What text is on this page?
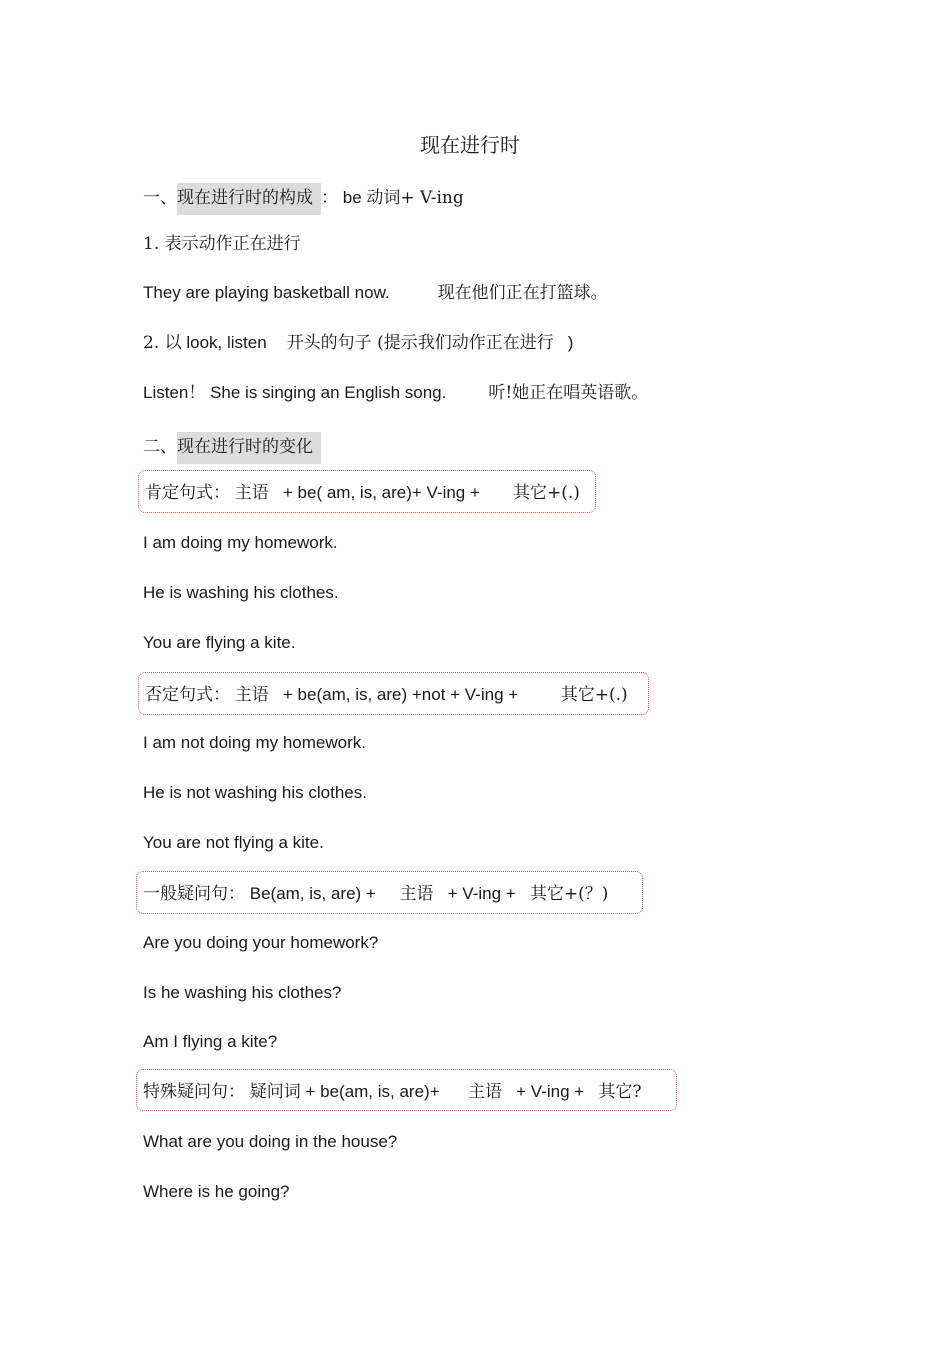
现在进行时
一、现在进行时的构成 ： be 动词+ V-ing
1. 表示动作正在进行
They are playing basketball now.	现在他们正在打篮球。
2. 以 look, listen 开头的句子 (提示我们动作正在进行 )
Listen！ She is singing an English song. 听!她正在唱英语歌。
二、现在进行时的变化
肯定句式： 主语 + be( am, is, are)+ V-ing + 其它+(.)
I am doing my homework.
He is washing his clothes.
You are flying a kite.
否定句式： 主语 + be(am, is, are) +not + V-ing +	其它+(.)
I am not doing my homework.
He is not washing his clothes.
You are not flying a kite.
一般疑问句： Be(am, is, are) + 主语 + V-ing + 其它+(？)
Are you doing your homework?
Is he washing his clothes?
Am I flying a kite?
特殊疑问句： 疑问词 + be(am, is, are)+ 主语 + V-ing + 其它?
What are you doing in the house?
Where is he going?
